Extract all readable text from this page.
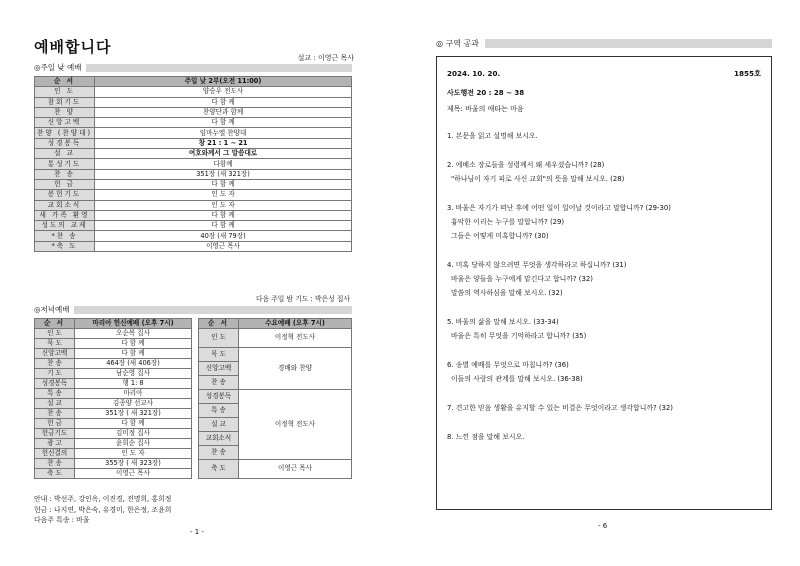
예배합니다
설교 : 이영근 목사
◎주일 낮 예배
순 서	주일 낮 2부(오전 11:00)
인 도	양승우 전도사
참회기도	다 함 께
찬 양	찬양단과 함께
신앙고백	다 함 께
찬양 (찬양대)	임마누엘 찬양대
성경봉독	창 21 : 1 ~ 21
설 교	여호와께서 그 말씀대로
통성기도	다함께
찬 송	351장 (새 321장)
헌 금	다 함 께
봉헌기도	인 도 자
교회소식	인 도 자
새 가족 환영	다 함 께
성도의 교제	다 함 께
*찬 송	40장 (새 79장)
*축 도	이영근 목사
다음 주일 밤 기도 : 박은성 집사
◎저녁예배
순 서	마리아 헌신예배 (오후 7시)
인 도	오순복 집사
묵 도	다 함 께
신앙고백	다 함 께
찬 송	464장 (새 406장)
기 도	남순영 집사
성경봉독	행 1: 8
특 송	마리아
설 교	김종양 선교사
찬 송	351장 ( 새 321장)
헌 금	다 함 께
헌금기도	김미정 집사
광 고	윤희순 집사
헌신결의	인 도 자
찬 송	355장 ( 새 323장)
축 도	이영근 목사
순 서	수요예배 (오후 7시)
인 도	이정혁 전도사
묵 도	경배와 찬양
신앙고백	
찬 송	
성경봉독	이정혁 전도사
특 송	
설 교	
교회소식	
찬 송	
축 도	이영근 목사
안내 : 박선주, 강인옥, 이진경, 전명희, 홍희정
헌금 : 나지연, 박은숙, 유경미, 한은정, 조윤희
다음주 특송 : 바울
- 1 -
◎ 구역 공과
2024. 10. 20.	1855호
사도행전 20 : 28 ~ 38
제목: 바울의 애타는 마음
1. 본문을 읽고 설명해 보시오.
2. 에베소 장로들을 성령께서 왜 세우셨습니까? (28)
"하나님이 자기 피로 사신 교회"의 뜻을 말해 보시오. (28)
3. 바울은 자기가 떠난 후에 어떤 일이 일어날 것이라고 말합니까? (29-30)
흉악한 이리는 누구를 말합니까? (29)
그들은 어떻게 미혹합니까? (30)
4. 미혹 당하지 않으려면 무엇을 생각하라고 하십니까? (31)
바울은 양들을 누구에게 맡긴다고 합니까? (32)
말씀의 역사하심을 말해 보시오. (32)
5. 바울의 삶을 말해 보시오. (33-34)
바울은 특히 무엇을 기억하라고 합니까? (35)
6. 송별 예배를 무엇으로 마칩니까? (36)
이들의 사랑의 관계를 말해 보시오. (36-38)
7. 견고한 믿음 생활을 유지할 수 있는 비결은 무엇이라고 생각합니까? (32)
8. 느낀 점을 말해 보시오.
- 6
